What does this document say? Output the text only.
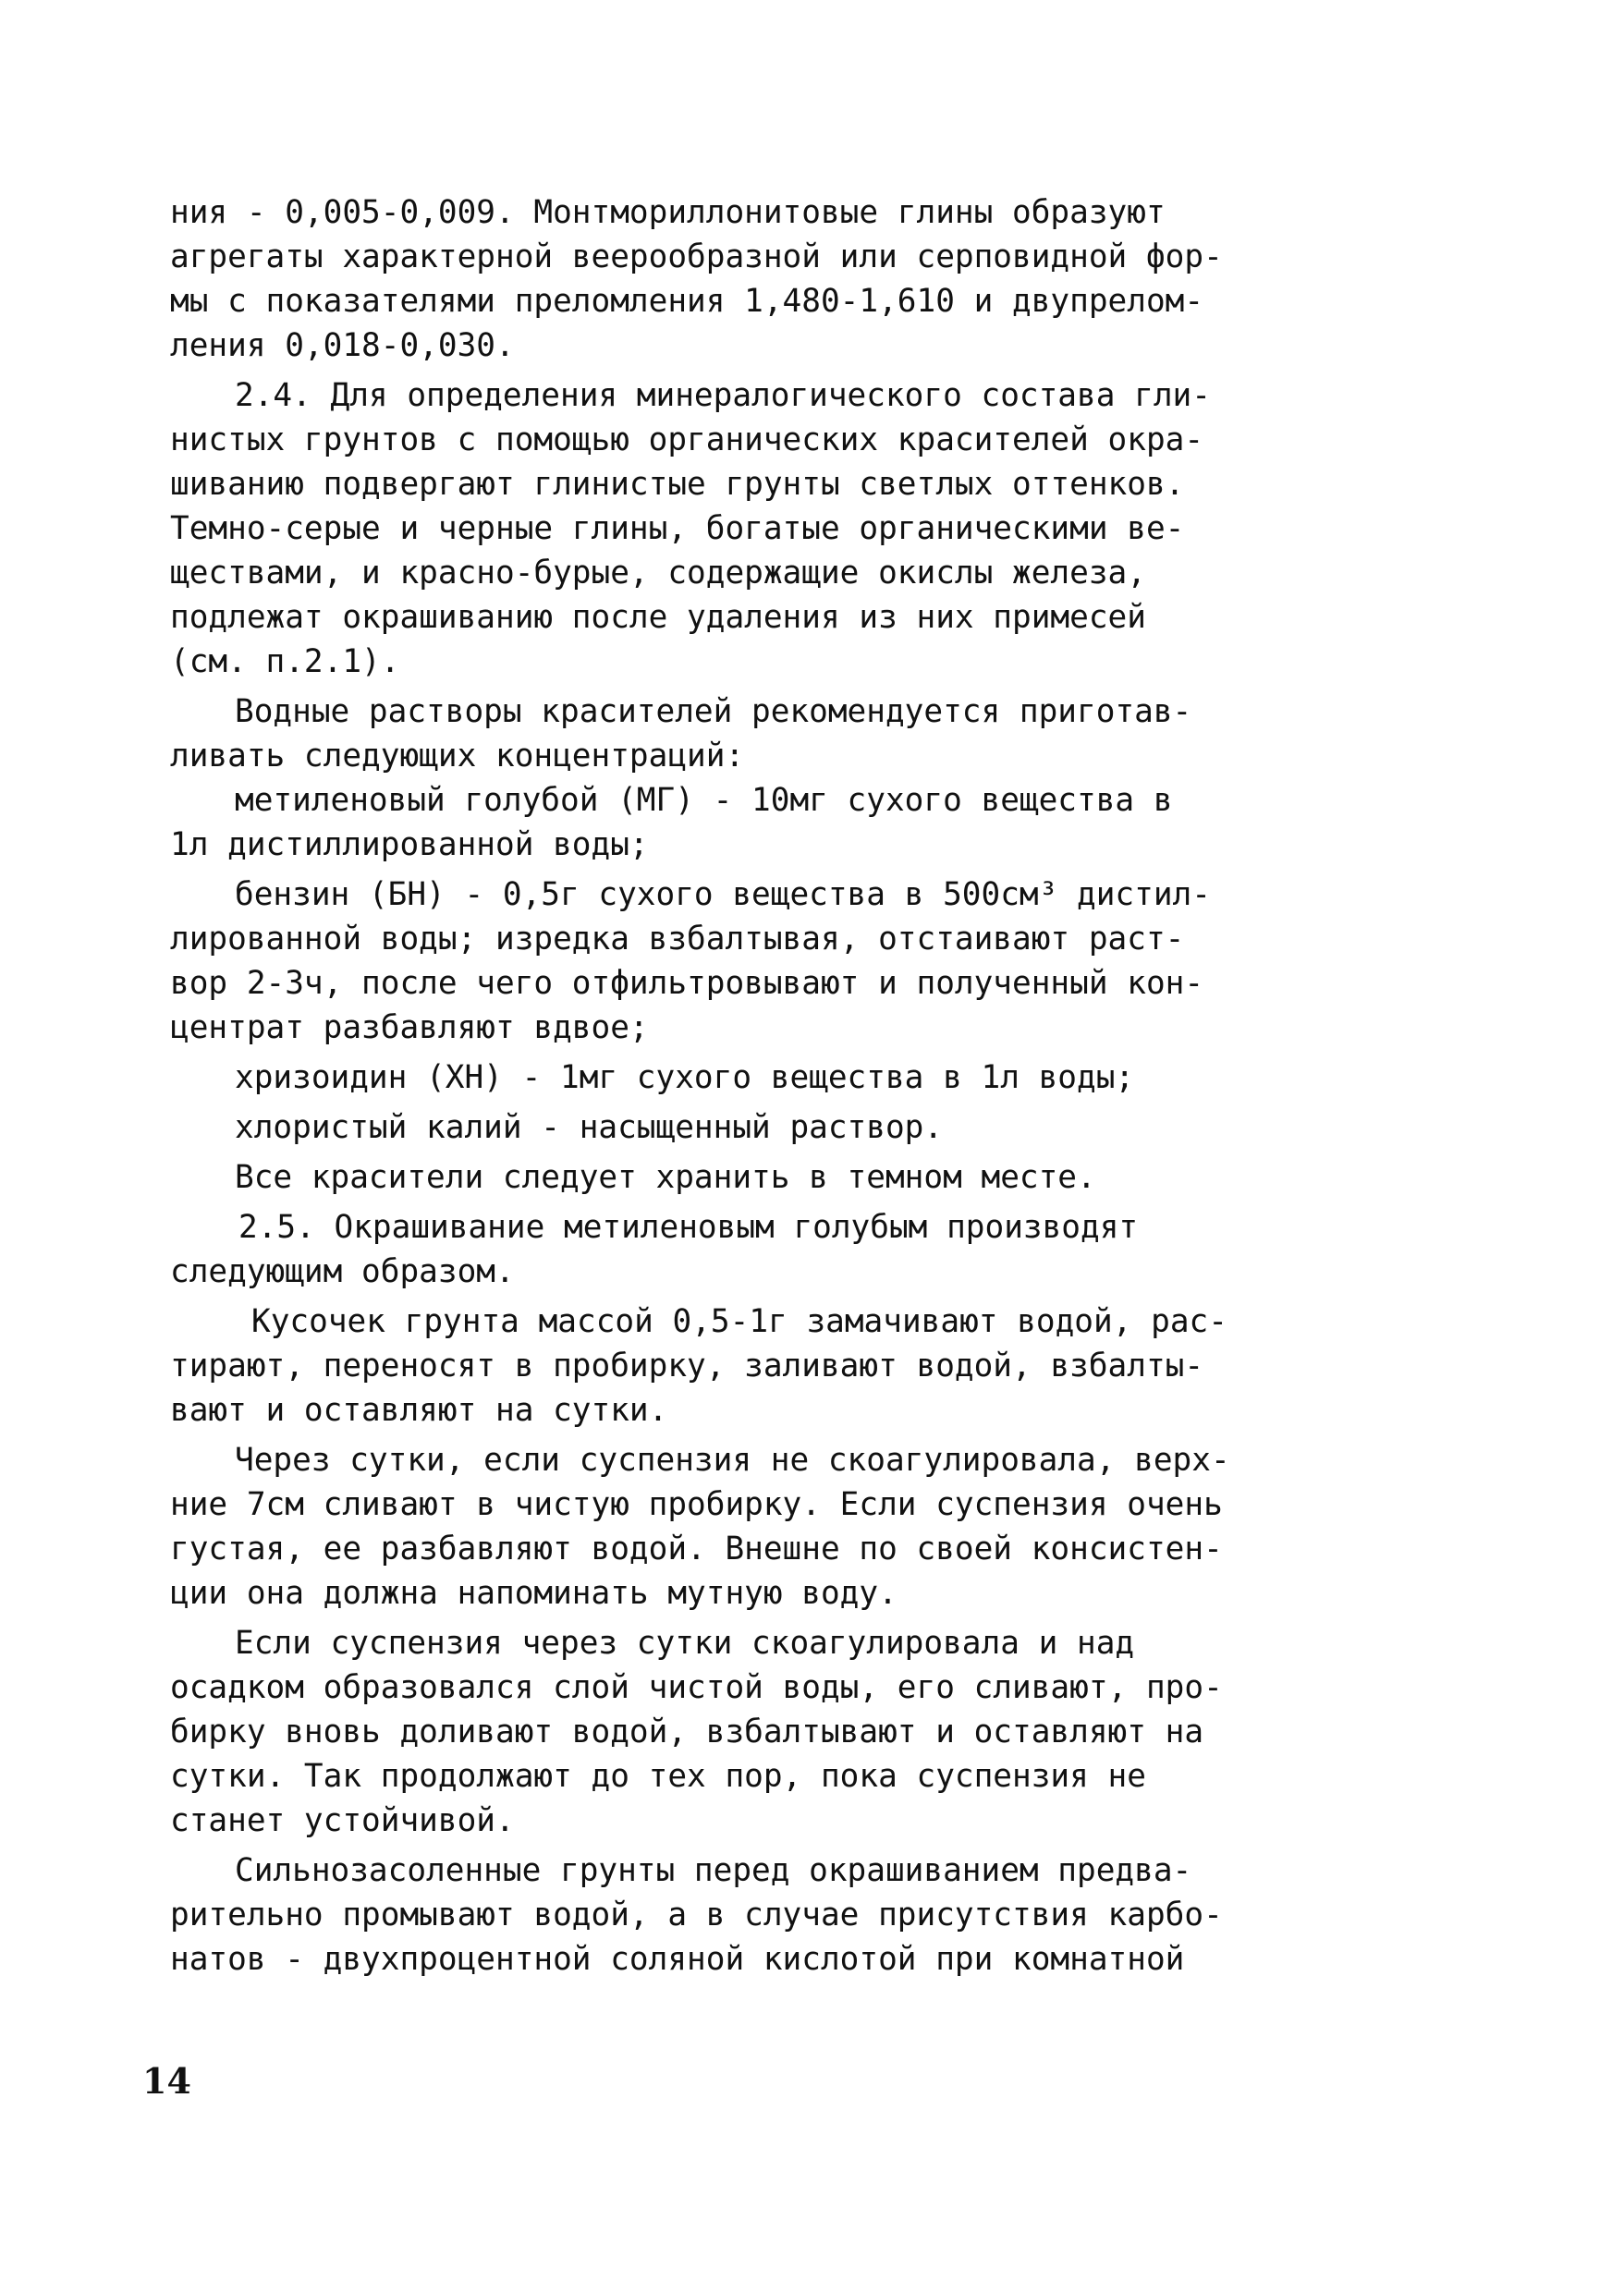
ния - 0,005-0,009. Монтмориллонитовые глины образуют

агрегаты характерной веерообразной или серповидной фор-

мы с показателями преломления 1,480-1,610 и двупрелом-

ления 0,018-0,030.

2.4. Для определения минералогического состава гли-

нистых грунтов с помощью органических красителей окра-

шиванию подвергают глинистые грунты светлых оттенков.

Темно-серые и черные глины, богатые органическими ве-

ществами, и красно-бурые, содержащие окислы железа,

подлежат окрашиванию после удаления из них примесей

(см. п.2.1).

Водные растворы красителей рекомендуется приготав-

ливать следующих концентраций:

метиленовый голубой (МГ) - 10мг сухого вещества в

1л дистиллированной воды;

бензин (БН) - 0,5г сухого вещества в 500см³ дистил-

лированной воды; изредка взбалтывая, отстаивают раст-

вор 2-3ч, после чего отфильтровывают и полученный кон-

центрат разбавляют вдвое;

хризоидин (ХН) - 1мг сухого вещества в 1л воды;

хлористый калий - насыщенный раствор.

Все красители следует хранить в темном месте.

2.5. Окрашивание метиленовым голубым производят

следующим образом.

Кусочек грунта массой 0,5-1г замачивают водой, рас-

тирают, переносят в пробирку, заливают водой, взбалты-

вают и оставляют на сутки.

Через сутки, если суспензия не скоагулировала, верх-

ние 7см сливают в чистую пробирку. Если суспензия очень

густая, ее разбавляют водой. Внешне по своей консистен-

ции она должна напоминать мутную воду.

Если суспензия через сутки скоагулировала и над

осадком образовался слой чистой воды, его сливают, про-

бирку вновь доливают водой, взбалтывают и оставляют на

сутки. Так продолжают до тех пор, пока суспензия не

станет устойчивой.

Сильнозасоленные грунты перед окрашиванием предва-

рительно промывают водой, а в случае присутствия карбо-

натов - двухпроцентной соляной кислотой при комнатной

14
